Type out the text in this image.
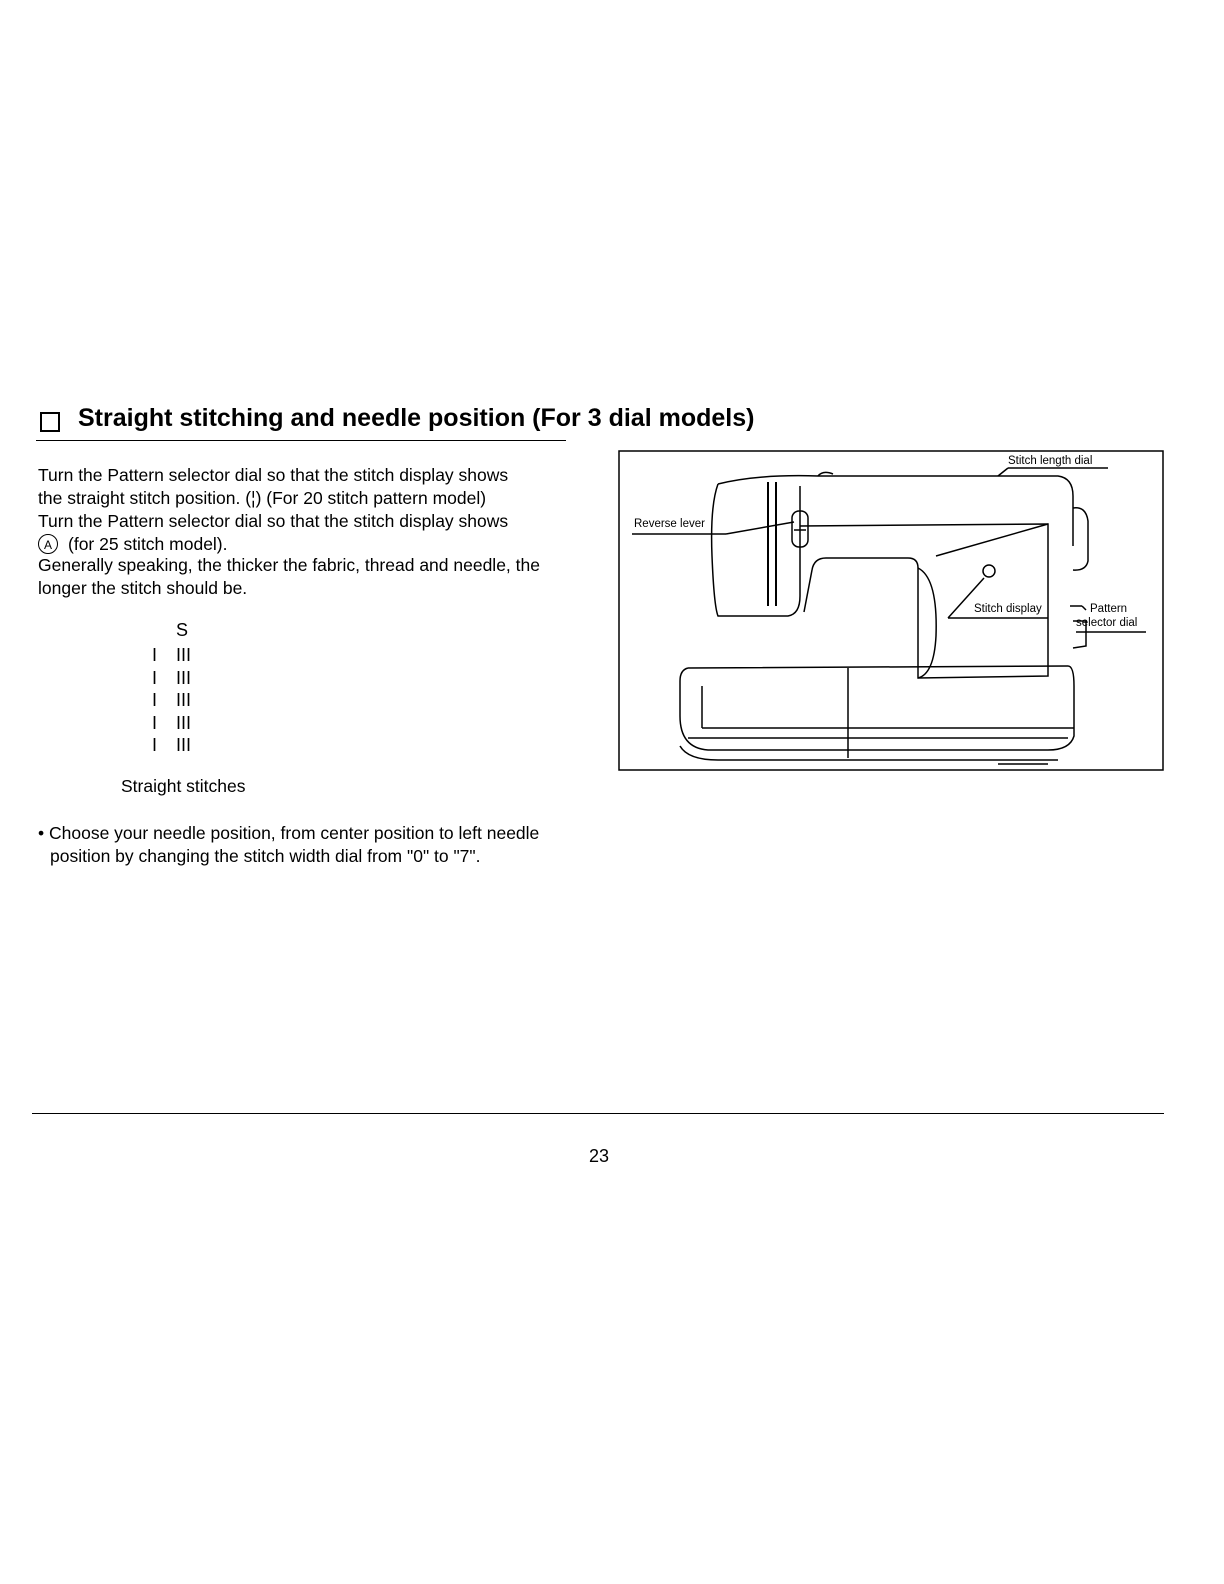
Straight stitching and needle position (For 3 dial models)

Turn the Pattern selector dial so that the stitch display shows

the straight stitch position. (¦) (For 20 stitch pattern model)

Turn the Pattern selector dial so that the stitch display shows

A (for 25 stitch model).

Generally speaking, the thicker the fabric, thread and needle, the longer the stitch should be.
S
I III
I III
I III
I III
I III
Straight stitches
• Choose your needle position, from center position to left needle position by changing the stitch width dial from "0" to "7".
Stitch length dial
Reverse lever
Stitch display	Pattern
selector dial
23
